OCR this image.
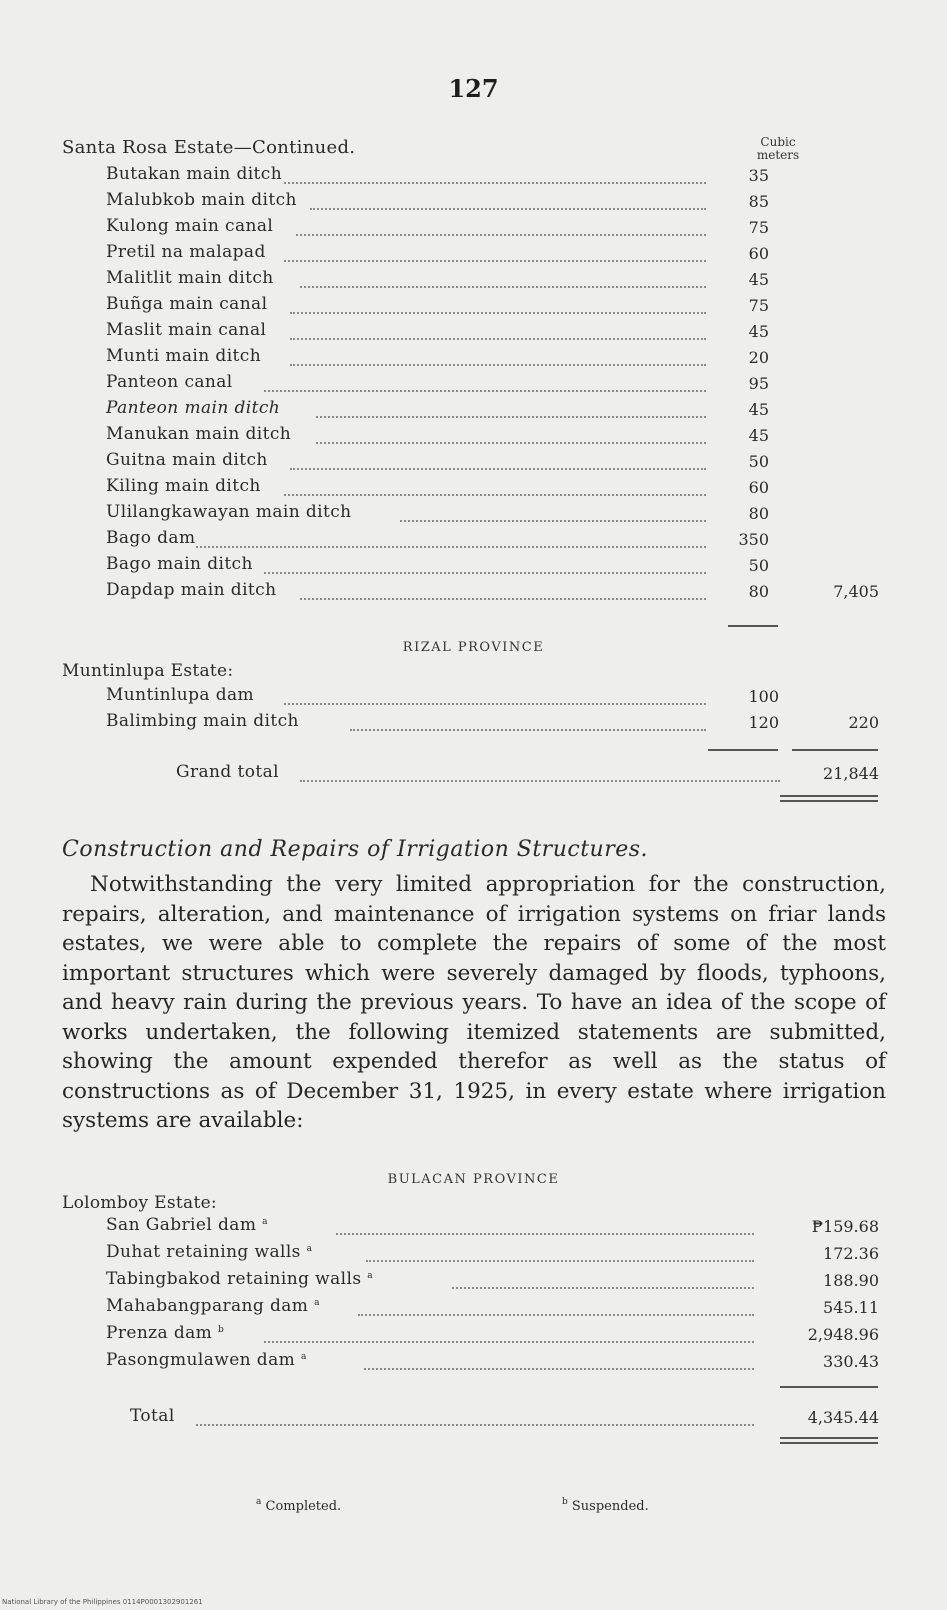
127
Santa Rosa Estate—Continued.	Cubic meters
Butakan main ditch	35
Malubkob main ditch	85
Kulong main canal	75
Pretil na malapad	60
Malitlit main ditch	45
Buñga main canal	75
Maslit main canal	45
Munti main ditch	20
Panteon canal	95
Panteon main ditch	45
Manukan main ditch	45
Guitna main ditch	50
Kiling main ditch	60
Ulilangkawayan main ditch	80
Bago dam	350
Bago main ditch	50
Dapdap main ditch	80	7,405
RIZAL PROVINCE
Muntinlupa Estate:
Muntinlupa dam	100
Balimbing main ditch	120	220
Grand total	21,844
Construction and Repairs of Irrigation Structures.
Notwithstanding the very limited appropriation for the construction, repairs, alteration, and maintenance of irrigation systems on friar lands estates, we were able to complete the repairs of some of the most important structures which were severely damaged by floods, typhoons, and heavy rain during the previous years. To have an idea of the scope of works undertaken, the following itemized statements are submitted, showing the amount expended therefor as well as the status of constructions as of December 31, 1925, in every estate where irrigation systems are available:
BULACAN PROVINCE
Lolomboy Estate:
San Gabriel dam $^a$	₱159.68
Duhat retaining walls $^a$	172.36
Tabingbakod retaining walls $^a$	188.90
Mahabangparang dam $^a$	545.11
Prenza dam $^b$	2,948.96
Pasongmulawen dam $^a$	330.43
Total	4,345.44
$^a$ Completed.	$^b$ Suspended.
National Library of the Philippines 0114P0001302901261
